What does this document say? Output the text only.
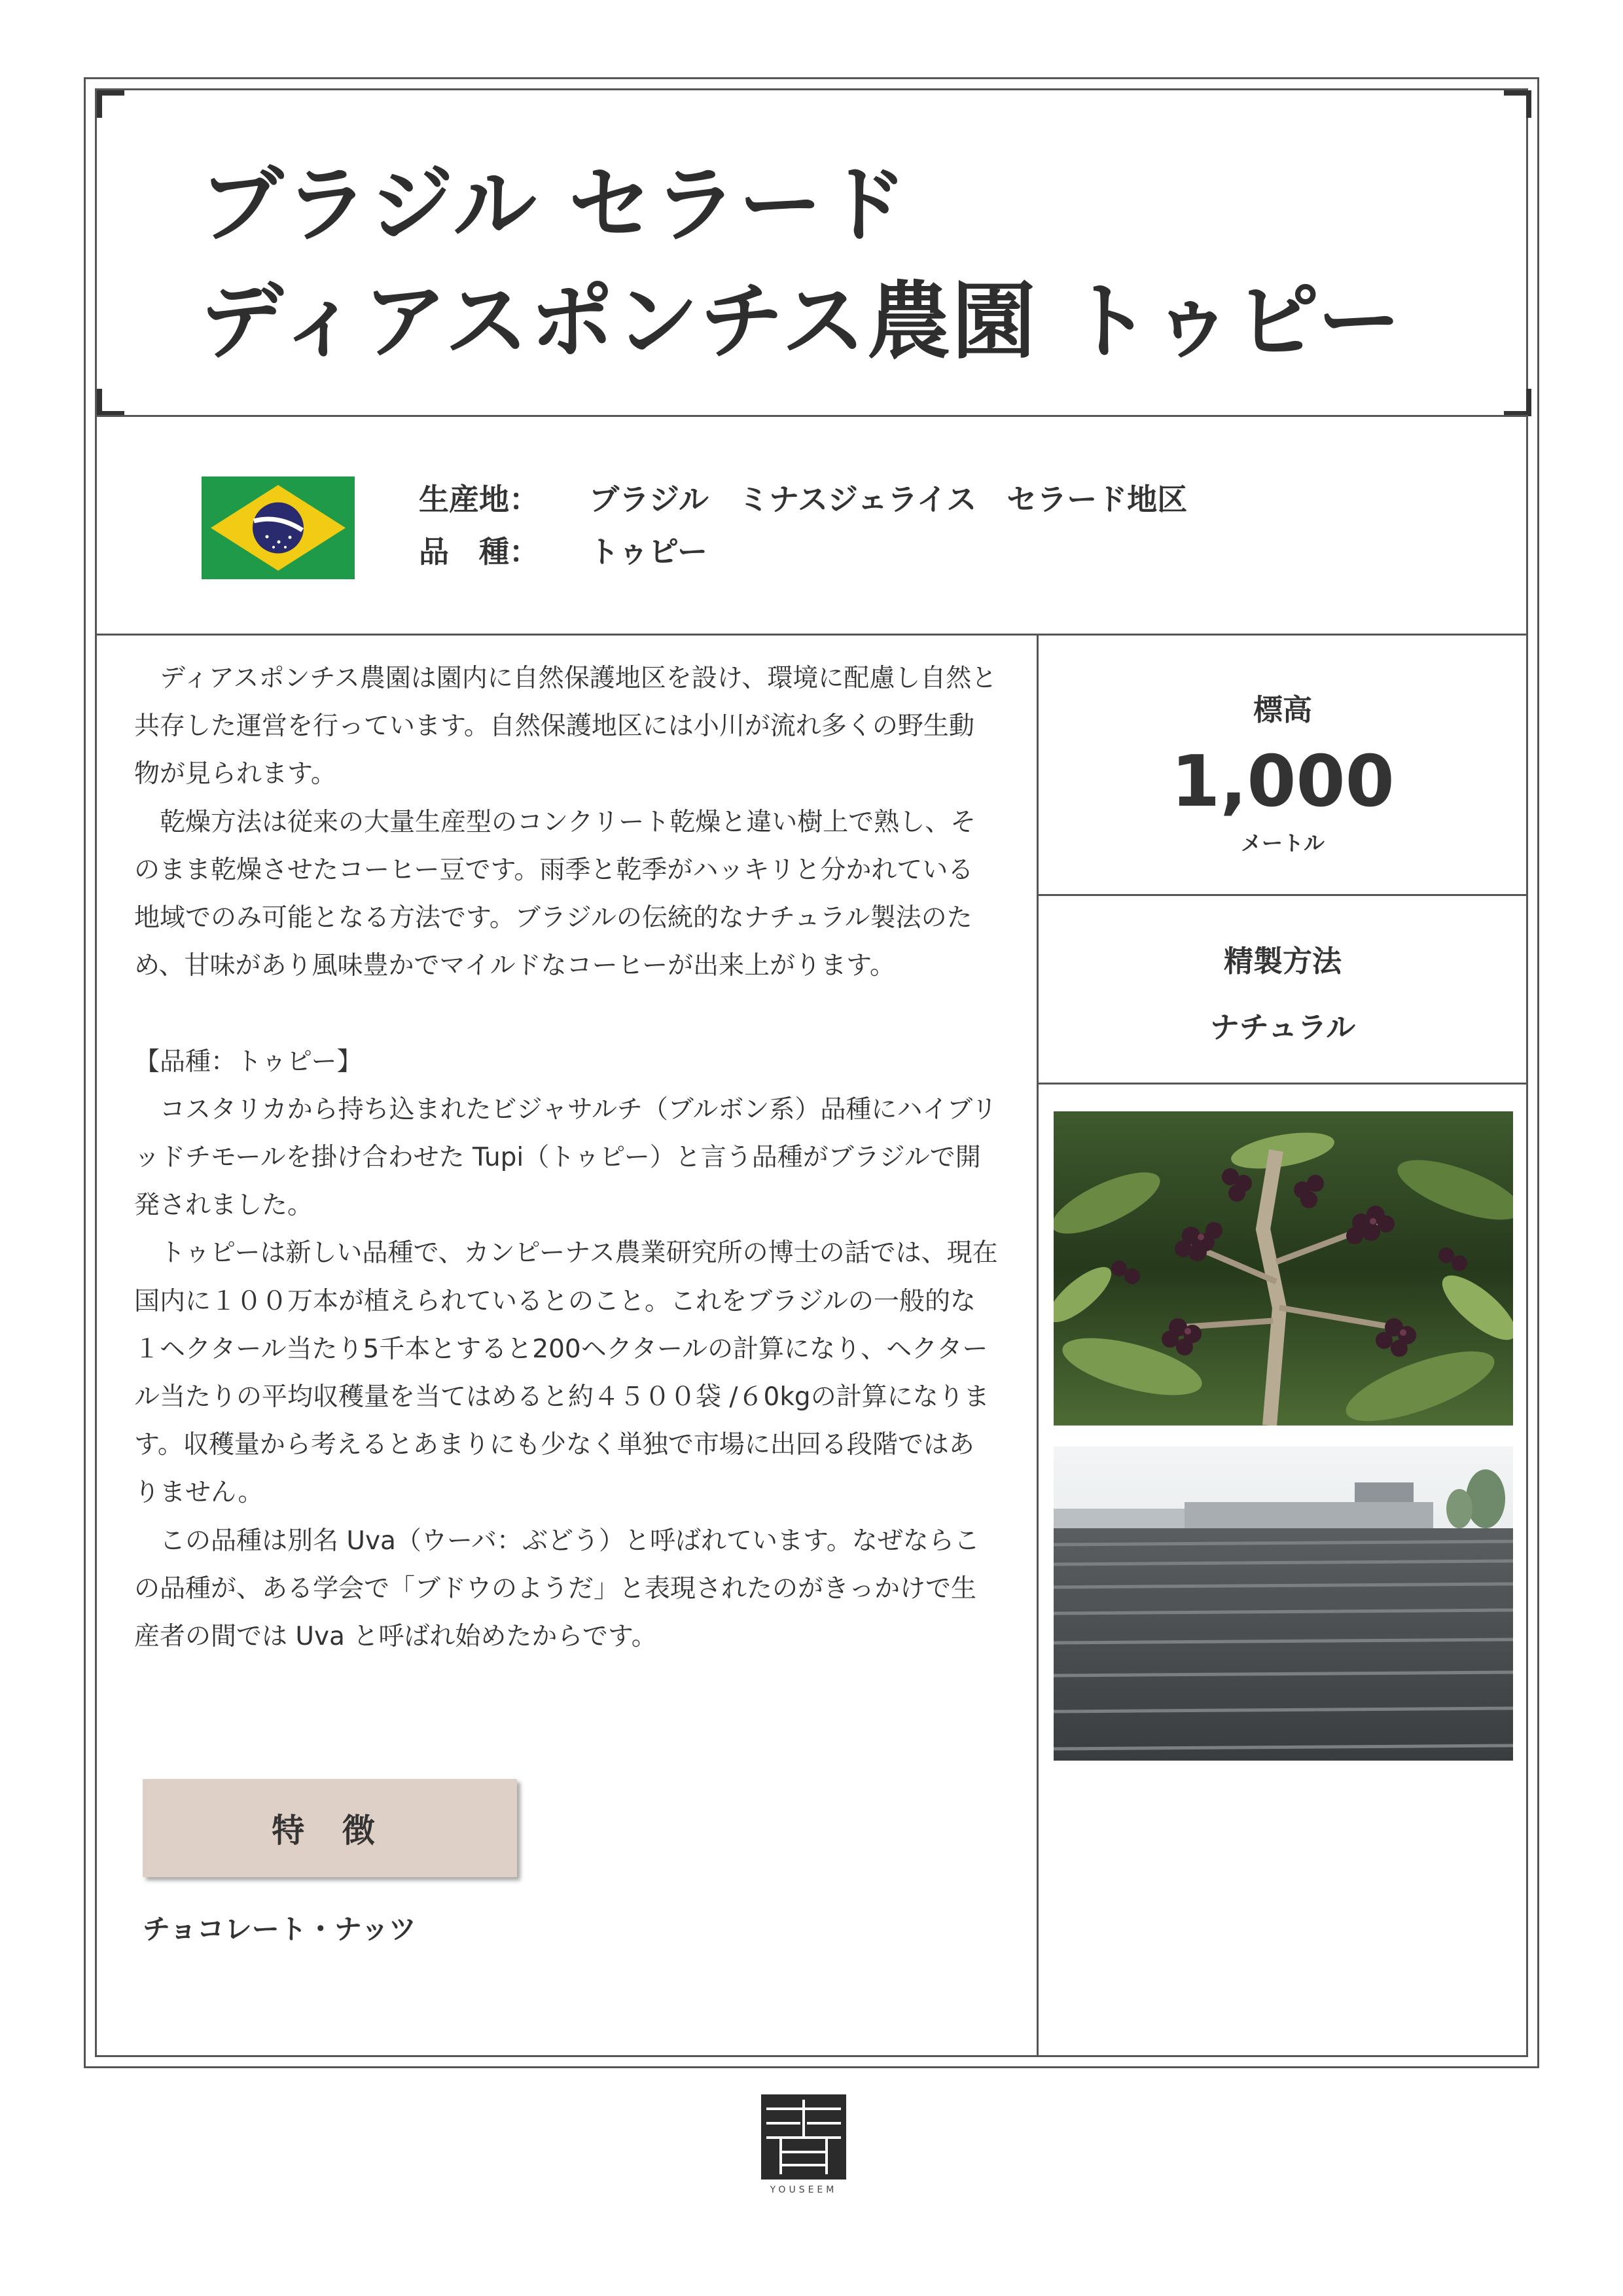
ブラジル セラード
ディアスポンチス農園 トゥピー
生産地： ブラジル　ミナスジェライス　セラード地区
品　種： トゥピー

ディアスポンチス農園は園内に自然保護地区を設け、環境に配慮し自然と共存した運営を行っています。自然保護地区には小川が流れ多くの野生動物が見られます。

乾燥方法は従来の大量生産型のコンクリート乾燥と違い樹上で熟し、そのまま乾燥させたコーヒー豆です。雨季と乾季がハッキリと分かれている地域でのみ可能となる方法です。ブラジルの伝統的なナチュラル製法のため、甘味があり風味豊かでマイルドなコーヒーが出来上がります。

【品種：トゥピー】

コスタリカから持ち込まれたビジャサルチ（ブルボン系）品種にハイブリッドチモールを掛け合わせた Tupi（トゥピー）と言う品種がブラジルで開発されました。

トゥピーは新しい品種で、カンピーナス農業研究所の博士の話では、現在国内に１００万本が植えられているとのこと。これをブラジルの一般的な１ヘクタール当たり5千本とすると200ヘクタールの計算になり、ヘクタール当たりの平均収穫量を当てはめると約４５００袋 /６0kgの計算になります。収穫量から考えるとあまりにも少なく単独で市場に出回る段階ではありません。

この品種は別名 Uva（ウーバ：ぶどう）と呼ばれています。なぜならこの品種が、ある学会で「ブドウのようだ」と表現されたのがきっかけで生産者の間では Uva と呼ばれ始めたからです。

標高
1,000
メートル
精製方法
ナチュラル
特 徴
チョコレート・ナッツ
YOUSEEM
